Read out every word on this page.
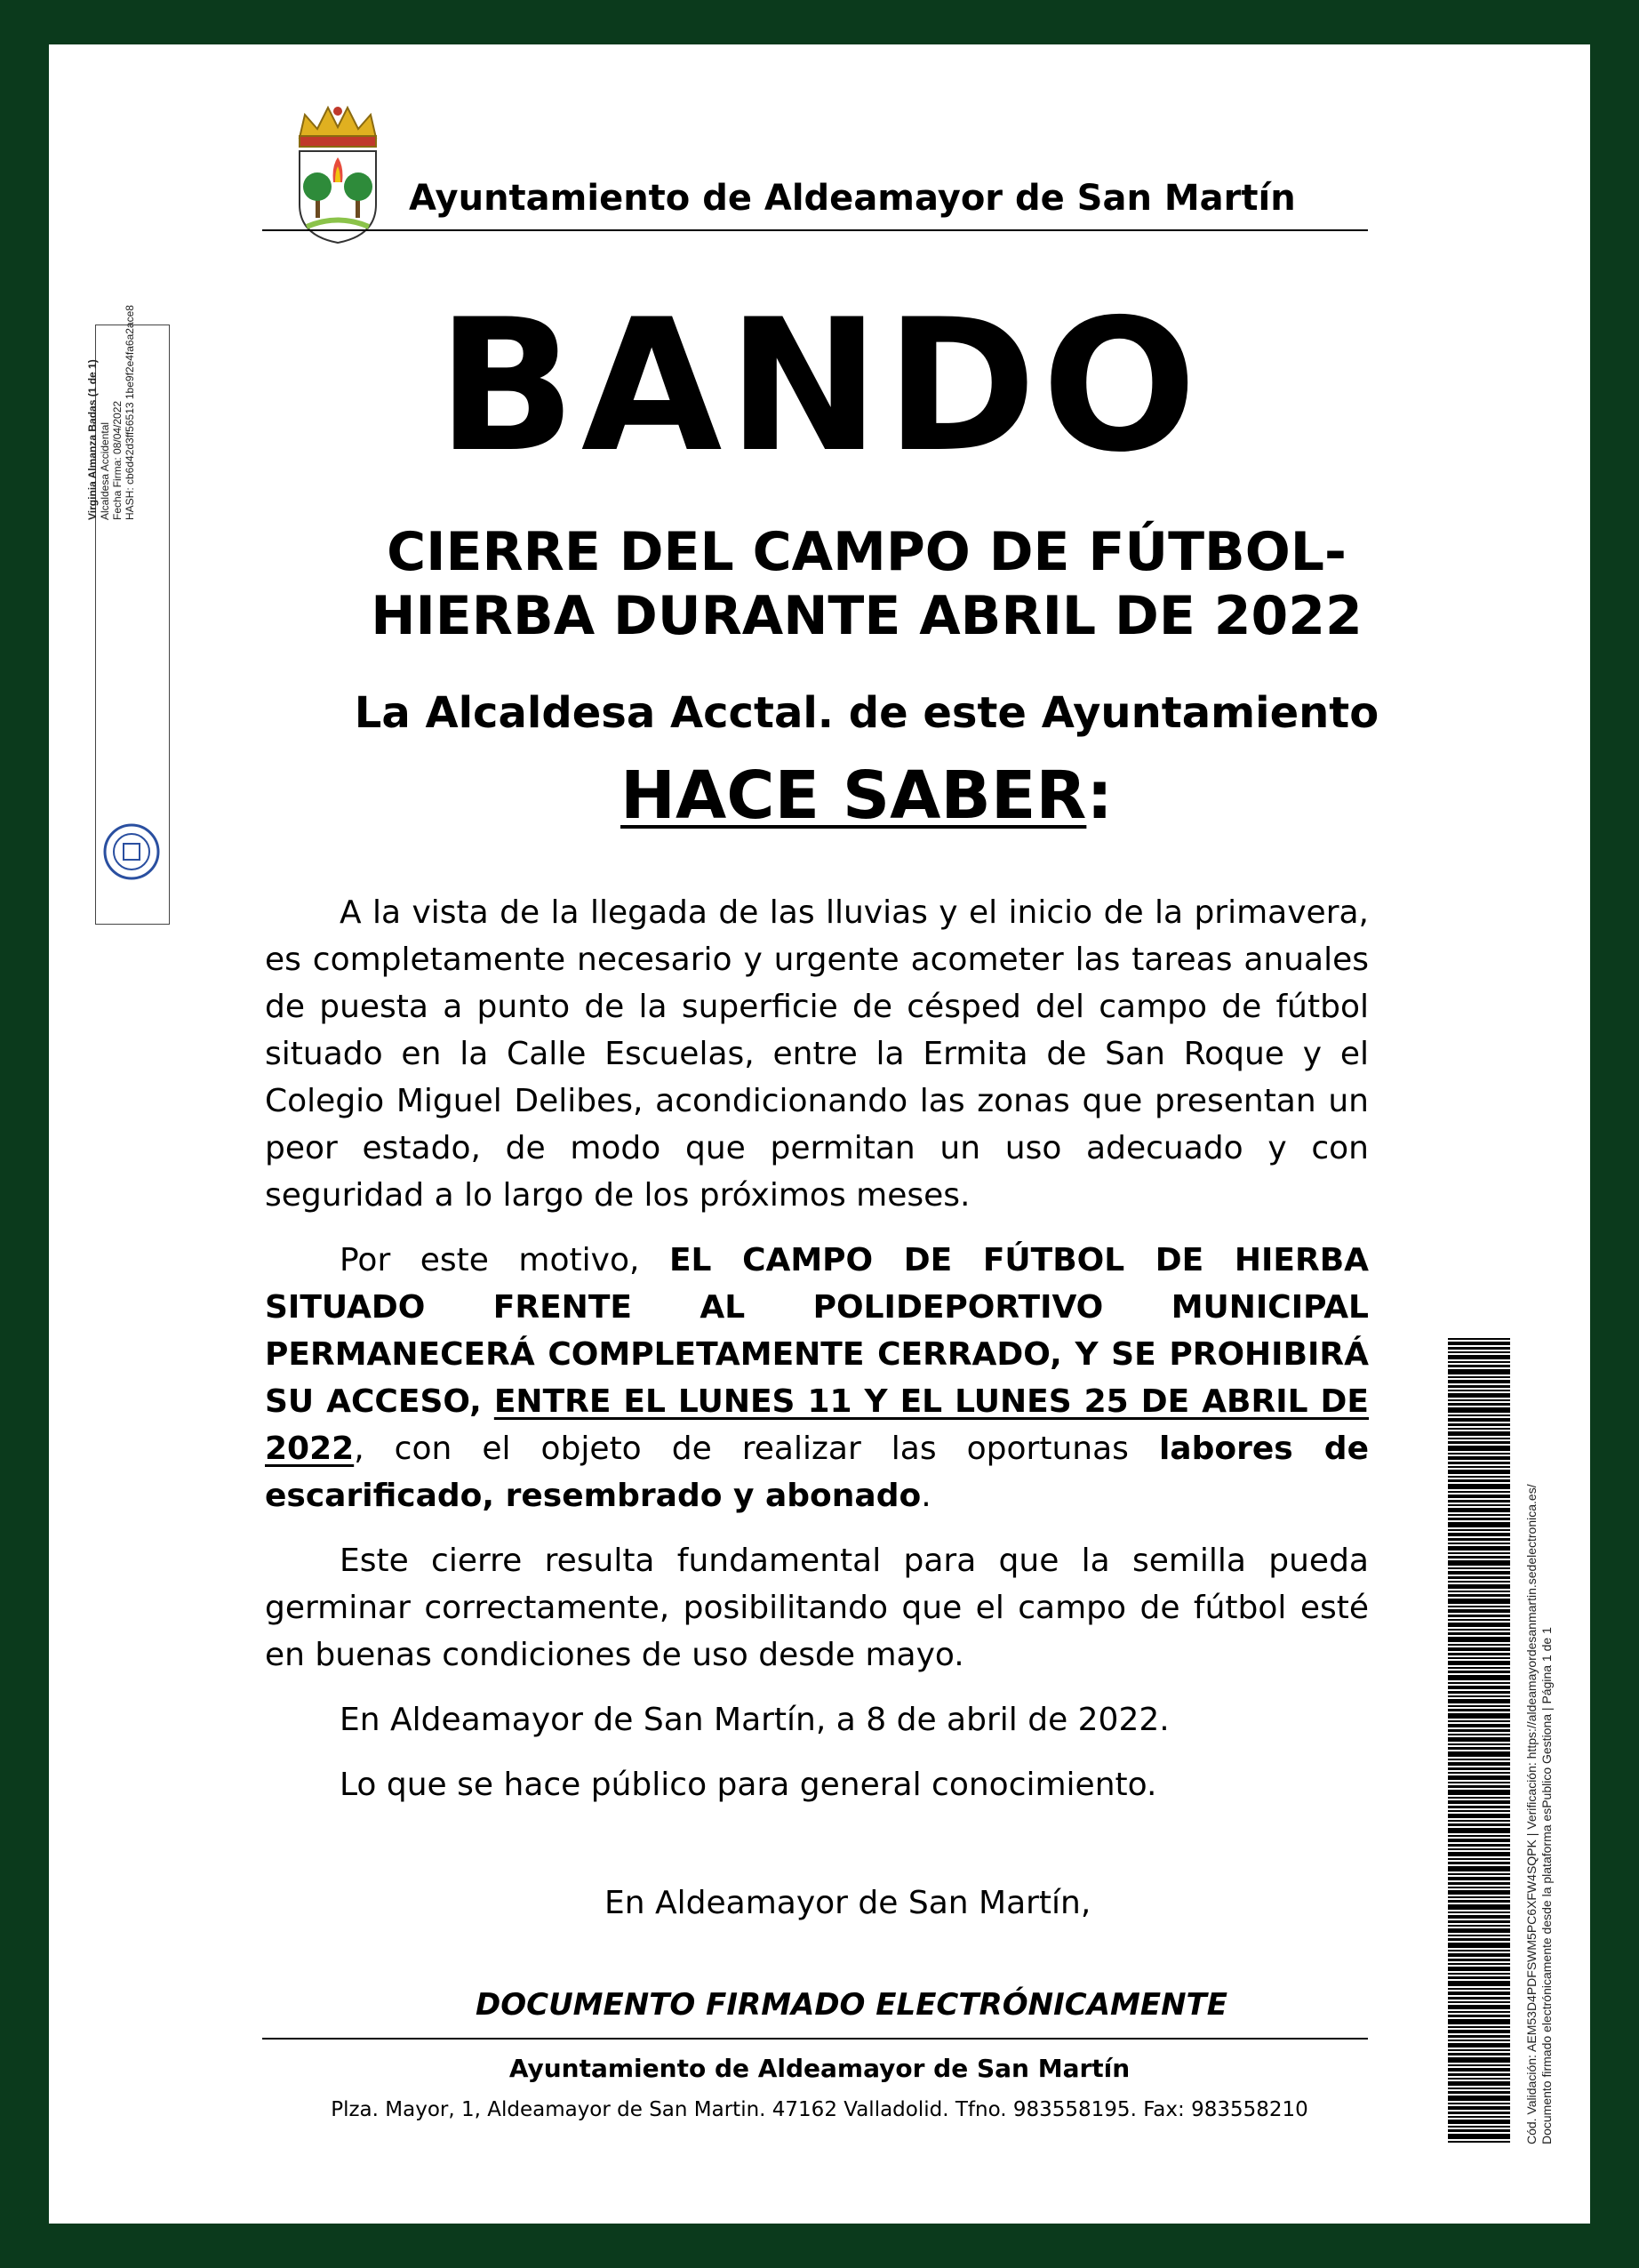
Ayuntamiento de Aldeamayor de San Martín
Virginia Almanza Badas (1 de 1) Alcaldesa Accidental Fecha Firma: 08/04/2022 HASH: cb6d42d3ff56513 1be9f2e4fa6a2ace8	BANDO
CIERRE DEL CAMPO DE FÚTBOL-
HIERBA DURANTE ABRIL DE 2022
La Alcaldesa Acctal. de este Ayuntamiento
HACE SABER:

A la vista de la llegada de las lluvias y el inicio de la primavera, es completamente necesario y urgente acometer las tareas anuales de puesta a punto de la superficie de césped del campo de fútbol situado en la Calle Escuelas, entre la Ermita de San Roque y el Colegio Miguel Delibes, acondicionando las zonas que presentan un peor estado, de modo que permitan un uso adecuado y con seguridad a lo largo de los próximos meses.

Por este motivo, EL CAMPO DE FÚTBOL DE HIERBA SITUADO FRENTE AL POLIDEPORTIVO MUNICIPAL PERMANECERÁ COMPLETAMENTE CERRADO, Y SE PROHIBIRÁ SU ACCESO, ENTRE EL LUNES 11 Y EL LUNES 25 DE ABRIL DE 2022, con el objeto de realizar las oportunas labores de escarificado, resembrado y abonado.

Este cierre resulta fundamental para que la semilla pueda germinar correctamente, posibilitando que el campo de fútbol esté en buenas condiciones de uso desde mayo.

En Aldeamayor de San Martín, a 8 de abril de 2022.

Lo que se hace público para general conocimiento.

En Aldeamayor de San Martín,
DOCUMENTO FIRMADO ELECTRÓNICAMENTE
Ayuntamiento de Aldeamayor de San Martín
Plza. Mayor, 1, Aldeamayor de San Martin. 47162 Valladolid. Tfno. 983558195. Fax: 983558210	Cód. Validación: AEM53D4PDFSWM5PC6XFW4SQPK | Verificación: https://aldeamayordesanmartin.sedelectronica.es/ Documento firmado electrónicamente desde la plataforma esPublico Gestiona | Página 1 de 1
